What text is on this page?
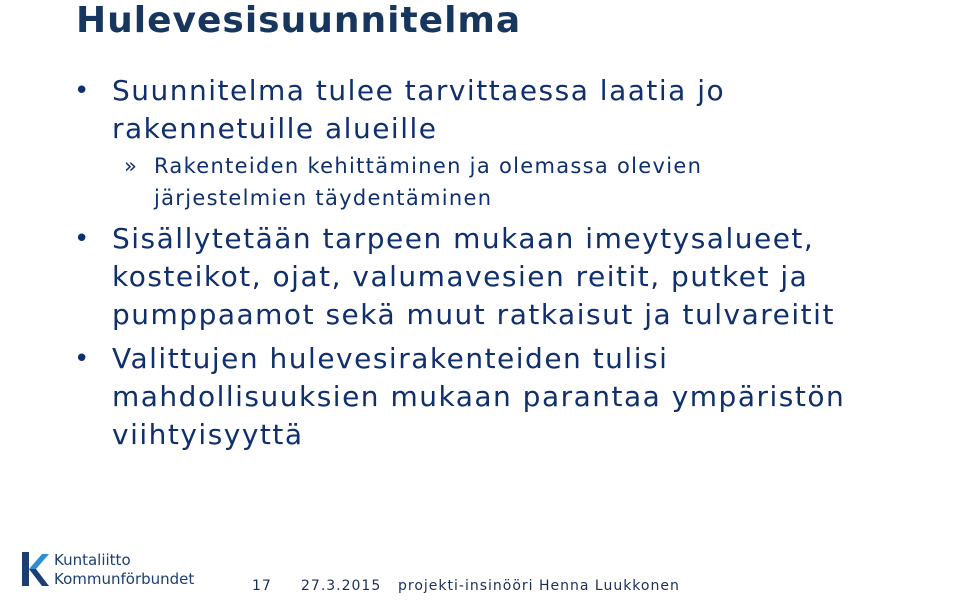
Hulevesisuunnitelma
• Suunnitelma tulee tarvittaessa laatia jo
rakennetuille alueille
» Rakenteiden kehittäminen ja olemassa olevien
järjestelmien täydentäminen
• Sisällytetään tarpeen mukaan imeytysalueet,
kosteikot, ojat, valumavesien reitit, putket ja
pumppaamot sekä muut ratkaisut ja tulvareitit
• Valittujen hulevesirakenteiden tulisi
mahdollisuuksien mukaan parantaa ympäristön
viihtyisyyttä
Kuntaliitto
Kommunförbundet	17 27.3.2015 projekti-insinööri Henna Luukkonen
